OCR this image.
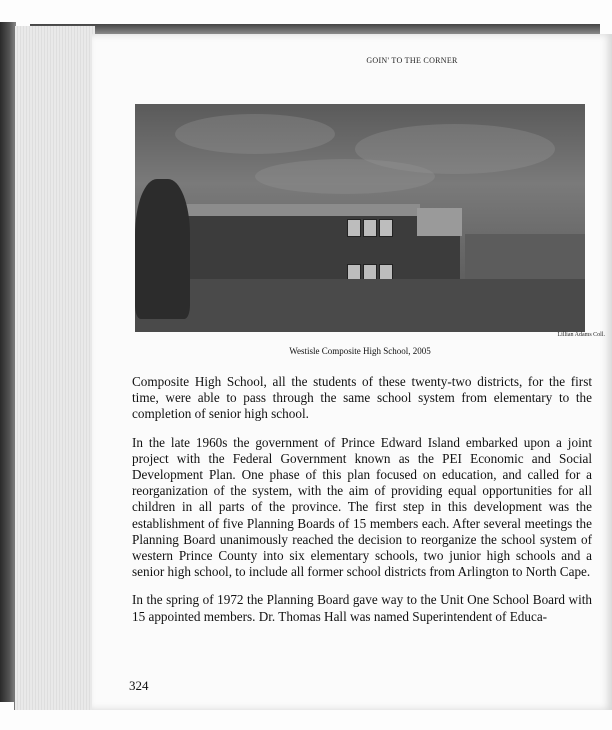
GOIN' TO THE CORNER
Lillian Adams Coll.
Westisle Composite High School, 2005

Composite High School, all the students of these twenty-two districts, for the first time, were able to pass through the same school system from elementary to the completion of senior high school.

In the late 1960s the government of Prince Edward Island embarked upon a joint project with the Federal Government known as the PEI Economic and Social Development Plan. One phase of this plan focused on education, and called for a reorganization of the system, with the aim of providing equal opportunities for all children in all parts of the province. The first step in this development was the establishment of five Planning Boards of 15 members each. After several meetings the Planning Board unanimously reached the decision to reorganize the school system of western Prince County into six elementary schools, two junior high schools and a senior high school, to include all former school districts from Arlington to North Cape.

In the spring of 1972 the Planning Board gave way to the Unit One School Board with 15 appointed members. Dr. Thomas Hall was named Superintendent of Educa-

324
